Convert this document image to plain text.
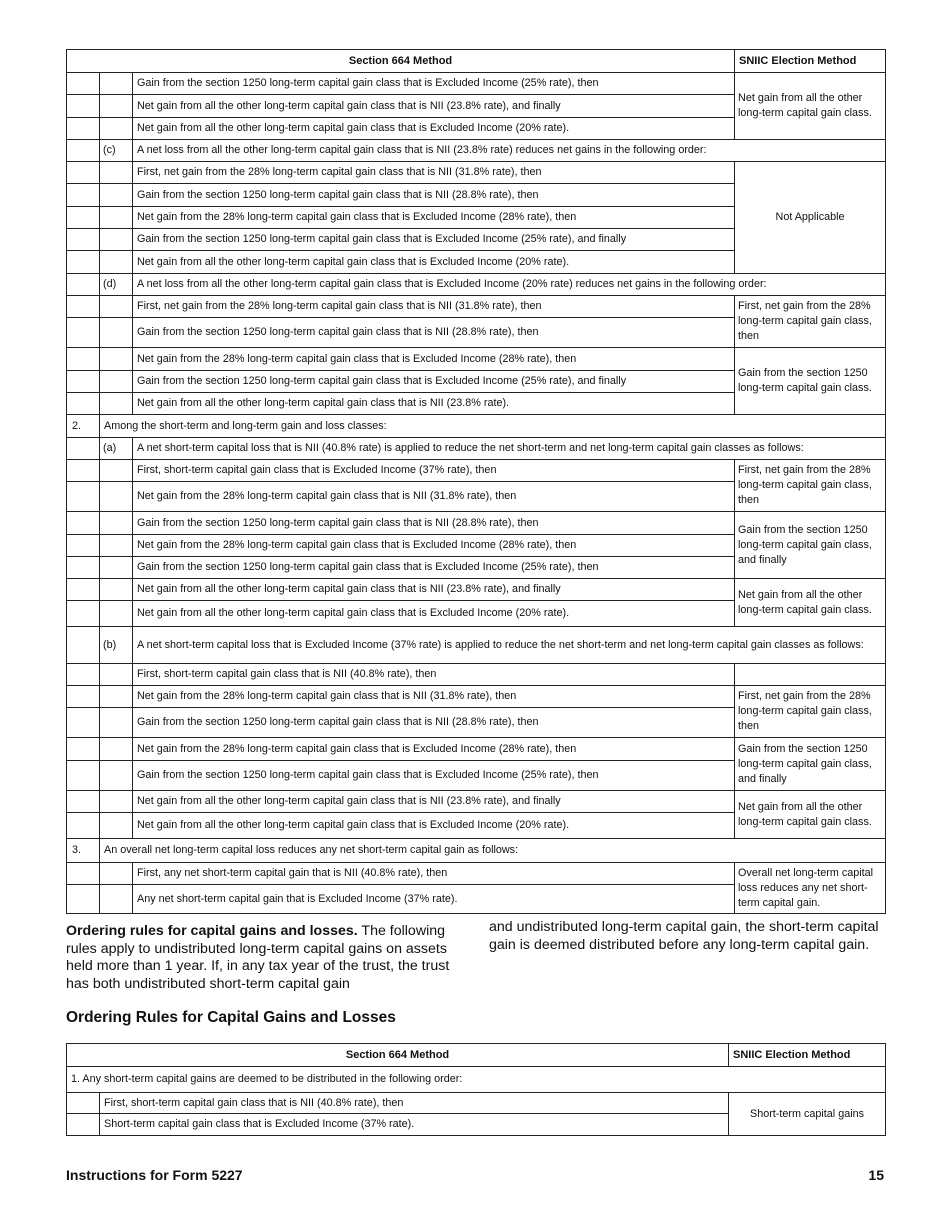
Section 664 Method			SNIIC Election Method
		Gain from the section 1250 long-term capital gain class that is Excluded Income (25% rate), then	Net gain from all the other long-term capital gain class.
		Net gain from all the other long-term capital gain class that is NII (23.8% rate), and finally	
		Net gain from all the other long-term capital gain class that is Excluded Income (20% rate).	
	(c)	A net loss from all the other long-term capital gain class that is NII (23.8% rate) reduces net gains in the following order:	
		First, net gain from the 28% long-term capital gain class that is NII (31.8% rate), then	Not Applicable
		Gain from the section 1250 long-term capital gain class that is NII (28.8% rate), then	
		Net gain from the 28% long-term capital gain class that is Excluded Income (28% rate), then	
		Gain from the section 1250 long-term capital gain class that is Excluded Income (25% rate), and finally	
		Net gain from all the other long-term capital gain class that is Excluded Income (20% rate).	
	(d)	A net loss from all the other long-term capital gain class that is Excluded Income (20% rate) reduces net gains in the following order:	
		First, net gain from the 28% long-term capital gain class that is NII (31.8% rate), then	First, net gain from the 28% long-term capital gain class, then
		Gain from the section 1250 long-term capital gain class that is NII (28.8% rate), then	
		Net gain from the 28% long-term capital gain class that is Excluded Income (28% rate), then	Gain from the section 1250 long-term capital gain class.
		Gain from the section 1250 long-term capital gain class that is Excluded Income (25% rate), and finally	
		Net gain from all the other long-term capital gain class that is NII (23.8% rate).	
2.	Among the short-term and long-term gain and loss classes:		
	(a)	A net short-term capital loss that is NII (40.8% rate) is applied to reduce the net short-term and net long-term capital gain classes as follows:	
		First, short-term capital gain class that is Excluded Income (37% rate), then	First, net gain from the 28% long-term capital gain class, then
		Net gain from the 28% long-term capital gain class that is NII (31.8% rate), then	
		Gain from the section 1250 long-term capital gain class that is NII (28.8% rate), then	Gain from the section 1250 long-term capital gain class, and finally
		Net gain from the 28% long-term capital gain class that is Excluded Income (28% rate), then	
		Gain from the section 1250 long-term capital gain class that is Excluded Income (25% rate), then	
		Net gain from all the other long-term capital gain class that is NII (23.8% rate), and finally	Net gain from all the other long-term capital gain class.
		Net gain from all the other long-term capital gain class that is Excluded Income (20% rate).	
	(b)	A net short-term capital loss that is Excluded Income (37% rate) is applied to reduce the net short-term and net long-term capital gain classes as follows:	
		First, short-term capital gain class that is NII (40.8% rate), then	
		Net gain from the 28% long-term capital gain class that is NII (31.8% rate), then	First, net gain from the 28% long-term capital gain class, then
		Gain from the section 1250 long-term capital gain class that is NII (28.8% rate), then	
		Net gain from the 28% long-term capital gain class that is Excluded Income (28% rate), then	Gain from the section 1250 long-term capital gain class, and finally
		Gain from the section 1250 long-term capital gain class that is Excluded Income (25% rate), then	
		Net gain from all the other long-term capital gain class that is NII (23.8% rate), and finally	Net gain from all the other long-term capital gain class.
		Net gain from all the other long-term capital gain class that is Excluded Income (20% rate).	
3.	An overall net long-term capital loss reduces any net short-term capital gain as follows:		
		First, any net short-term capital gain that is NII (40.8% rate), then	Overall net long-term capital loss reduces any net short-term capital gain.
		Any net short-term capital gain that is Excluded Income (37% rate).	

Ordering rules for capital gains and losses. The following rules apply to undistributed long-term capital gains on assets held more than 1 year. If, in any tax year of the trust, the trust has both undistributed short-term capital gain

and undistributed long-term capital gain, the short-term capital gain is deemed distributed before any long-term capital gain.

Ordering Rules for Capital Gains and Losses
Section 664 Method		SNIIC Election Method
1. Any short-term capital gains are deemed to be distributed in the following order:		
	First, short-term capital gain class that is NII (40.8% rate), then	Short-term capital gains
	Short-term capital gain class that is Excluded Income (37% rate).	
Instructions for Form 5227	15
